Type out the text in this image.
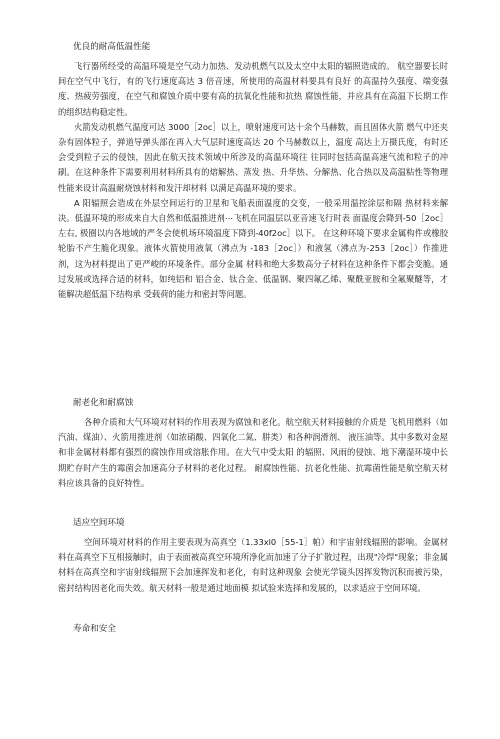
优良的耐高低温性能

飞行器所经受的高温环境是空气动力加热、发动机燃气以及太空中太阳的辐照造成的。 航空器要长时间在空气中飞行，有的飞行速度高达 3 倍音速，所使用的高温材料要具有良好 的高温持久强度、端变强度、热疲劳强度，在空气和腐蚀介质中要有高的抗氧化性能和抗热 腐蚀性能，并应具有在高温下长期工作的组织结构稳定性。

火箭发动机燃气温度可达 3000［2oc］以上，喷射速度可达十余个马赫数，而且固体火箭 燃气中还夹杂有固体粒子，弹道导弹头部在再入大气层时速度高达 20 个马赫数以上，温度 高达上万摄氏度，有时还会受到粒子云的侵蚀，因此在航天技术领域中所涉及的高温环境往 往同时包括高温高速气流和粒子的冲刷。在这种条件下需要利用材料所具有的熔解热、蒸发 热、升华热、分解热、化合热以及高温粘性等物理性能来设计高温耐烧蚀材料和发汗却材料 以满足高温环境的要求。

A 阳辐照会造成在外层空间运行的卫星和飞船表面温度的交变，一般采用温控涂层和隔 热材料来解决。低温环境的形成来自大自然和低温推进剂⋯飞机在同温层以亚音速飞行时表 面温度会降到-50［2oc］左右, 极圈以内各地域的严冬会使机场环境温度下降到-40f2oc］以下。 在这种环境下要求金属构件或橡胶轮胎不产生脆化现象。液体火箭使用液氧（沸点为 -183［2oc］）和液氢（沸点为-253［2oc］）作推进剂，这为材料提出了更严峻的环境条件。部分金属 材料和绝大多数高分子材料在这种条件下都会变脆。通过发展或选择合适的材料，如纯铝和 铝合金、钛合金、低温钢、聚四氟乙烯、聚酰亚胺和全氟聚醚等，才能解决超低温下结构承 受载荷的能力和密封等问题。

耐老化和耐腐蚀

各种介质和大气环境对材料的作用表现为腐蚀和老化。航空航天材料接触的介质是 飞机用燃料（如汽油、煤油）、火箭用推进剂（如浓硝酸、四氧化二氮、肼类）和各种润滑剂、 液压油等。其中多数对金屋和非金属材料都有强烈的腐蚀作用或溶胀作用。在大气中受太阳 的辐照、风雨的侵蚀、地下潮湿环境中长期贮存时产生的霉菌会加速高分子材料的老化过程。 耐腐蚀性能、抗老化性能、抗霉菌性能是航空航天材料应该具备的良好特性。

适应空间环境

空间环境对材料的作用主要表现为高真空（1.33xl0［55-1］帕）和宇宙射线辐照的影响。金属材料在高真空下互相接触时，由于表面被高真空环境所净化而加速了分子扩散过程，出现"冷焊"现象；非金属材料在高真空和宇宙射线辐照下会加速挥发和老化，有时这种现象 会使光学镜头因挥发物沉积而被污染，密封结构因老化而失效。航天材料一般是通过地面模 拟试验来选择和发展的，以求适应于空间环境。

寿命和安全
